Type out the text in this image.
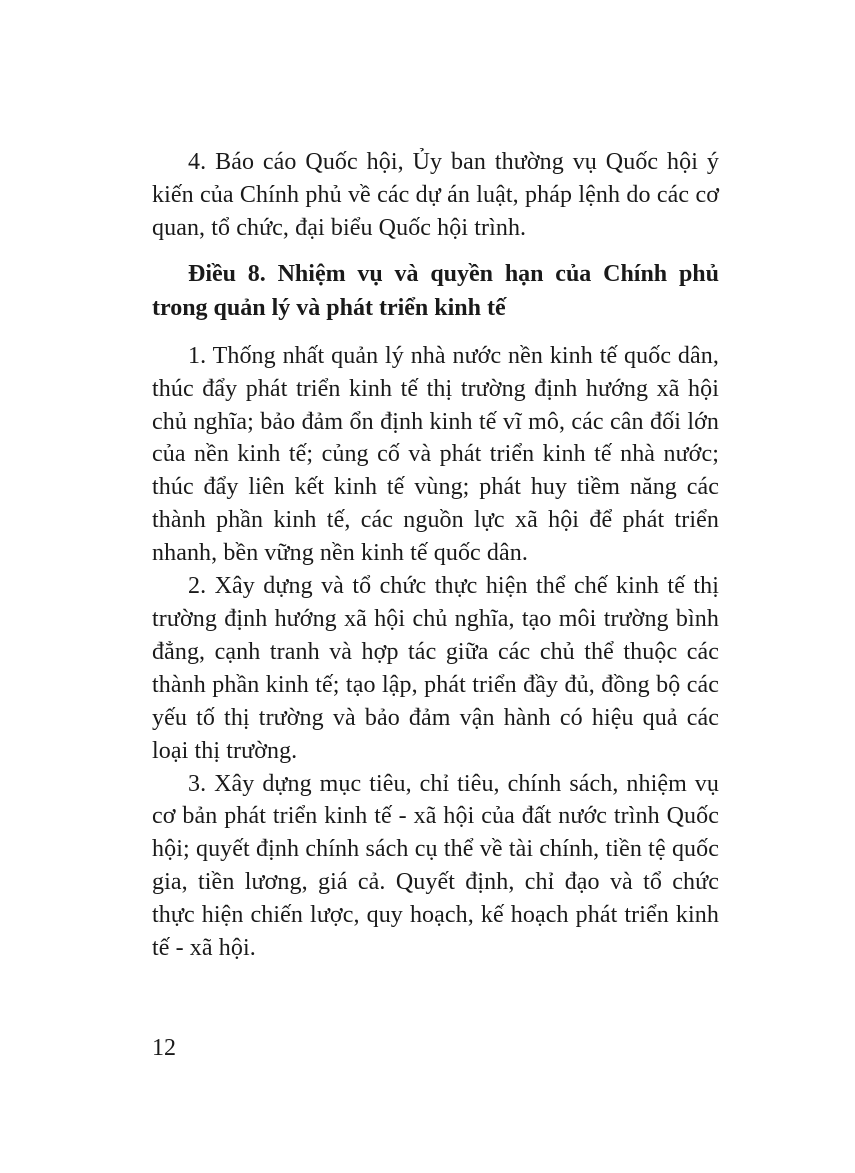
4. Báo cáo Quốc hội, Ủy ban thường vụ Quốc hội ý kiến của Chính phủ về các dự án luật, pháp lệnh do các cơ quan, tổ chức, đại biểu Quốc hội trình.

Điều 8. Nhiệm vụ và quyền hạn của Chính phủ trong quản lý và phát triển kinh tế

1. Thống nhất quản lý nhà nước nền kinh tế quốc dân, thúc đẩy phát triển kinh tế thị trường định hướng xã hội chủ nghĩa; bảo đảm ổn định kinh tế vĩ mô, các cân đối lớn của nền kinh tế; củng cố và phát triển kinh tế nhà nước; thúc đẩy liên kết kinh tế vùng; phát huy tiềm năng các thành phần kinh tế, các nguồn lực xã hội để phát triển nhanh, bền vững nền kinh tế quốc dân.

2. Xây dựng và tổ chức thực hiện thể chế kinh tế thị trường định hướng xã hội chủ nghĩa, tạo môi trường bình đẳng, cạnh tranh và hợp tác giữa các chủ thể thuộc các thành phần kinh tế; tạo lập, phát triển đầy đủ, đồng bộ các yếu tố thị trường và bảo đảm vận hành có hiệu quả các loại thị trường.

3. Xây dựng mục tiêu, chỉ tiêu, chính sách, nhiệm vụ cơ bản phát triển kinh tế - xã hội của đất nước trình Quốc hội; quyết định chính sách cụ thể về tài chính, tiền tệ quốc gia, tiền lương, giá cả. Quyết định, chỉ đạo và tổ chức thực hiện chiến lược, quy hoạch, kế hoạch phát triển kinh tế - xã hội.

12
